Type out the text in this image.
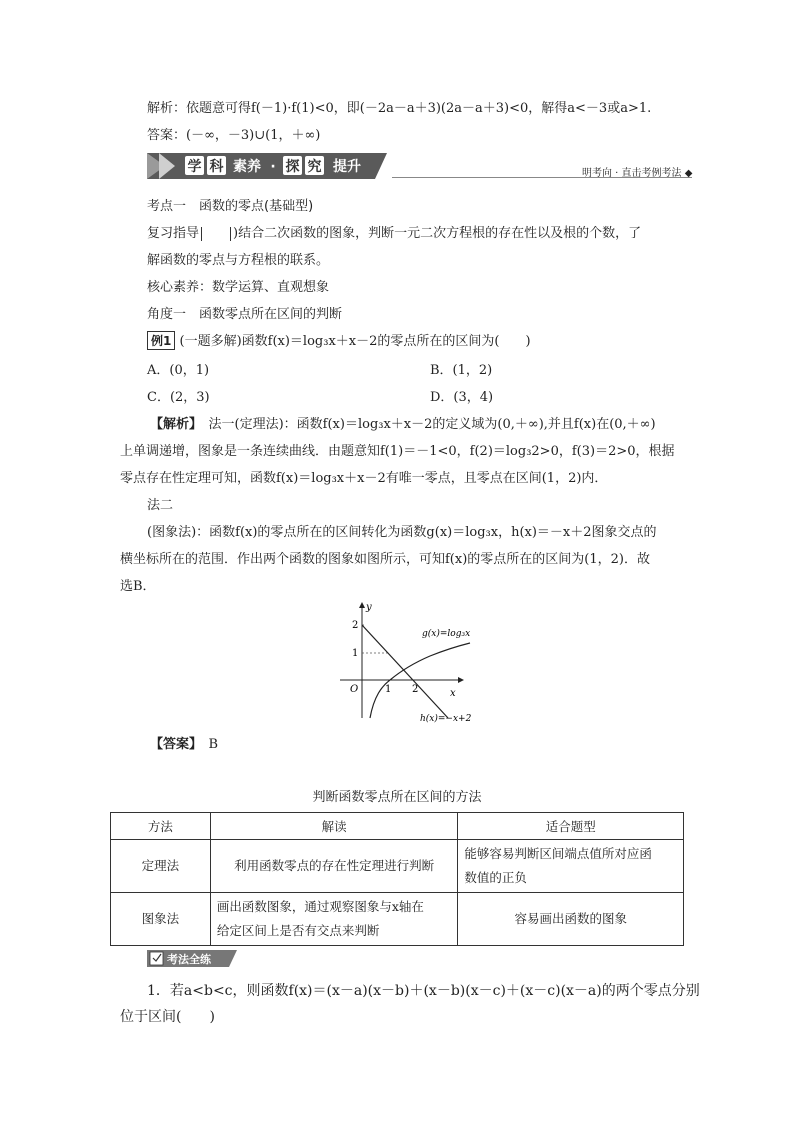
解析：依题意可得f(－1)·f(1)<0，即(－2a－a＋3)(2a－a＋3)<0，解得a<－3或a>1.
答案：(－∞，－3)∪(1，＋∞)
学 科 素养 · 探 究 提升	明考向 · 直击考例考法 ◆
考点一　函数的零点(基础型)
复习指导	)结合二次函数的图象，判断一元二次方程根的存在性以及根的个数，了
解函数的零点与方程根的联系。
核心素养：数学运算、直观想象
角度一　函数零点所在区间的判断
例1 (一题多解)函数f(x)＝log₃x＋x－2的零点所在的区间为(　　)
A．(0，1)	B．(1，2)
C．(2，3)	D．(3，4)
【解析】　 法一(定理法)：函数f(x)＝log₃x＋x－2的定义域为(0,＋∞),并且f(x)在(0,＋∞)
上单调递增，图象是一条连续曲线．由题意知f(1)＝－1<0，f(2)＝log₃2>0，f(3)＝2>0，根据
零点存在性定理可知，函数f(x)＝log₃x＋x－2有唯一零点，且零点在区间(1，2)内．
法二
(图象法)：函数f(x)的零点所在的区间转化为函数g(x)＝log₃x，h(x)＝－x＋2图象交点的
横坐标所在的范围．作出两个函数的图象如图所示，可知f(x)的零点所在的区间为(1，2)．故
选B．
y
x
O
2
1
1 2
g(x)=log₃x
h(x)=−x+2
【答案】　 B
判断函数零点所在区间的方法
方法	解读	适合题型
定理法	利用函数零点的存在性定理进行判断	能够容易判断区间端点值所对应函
数值的正负
图象法	画出函数图象，通过观察图象与x轴在
给定区间上是否有交点来判断	容易画出函数的图象
考法全练
1．若a<b<c，则函数f(x)＝(x－a)(x－b)＋(x－b)(x－c)＋(x－c)(x－a)的两个零点分别
位于区间(　　)
